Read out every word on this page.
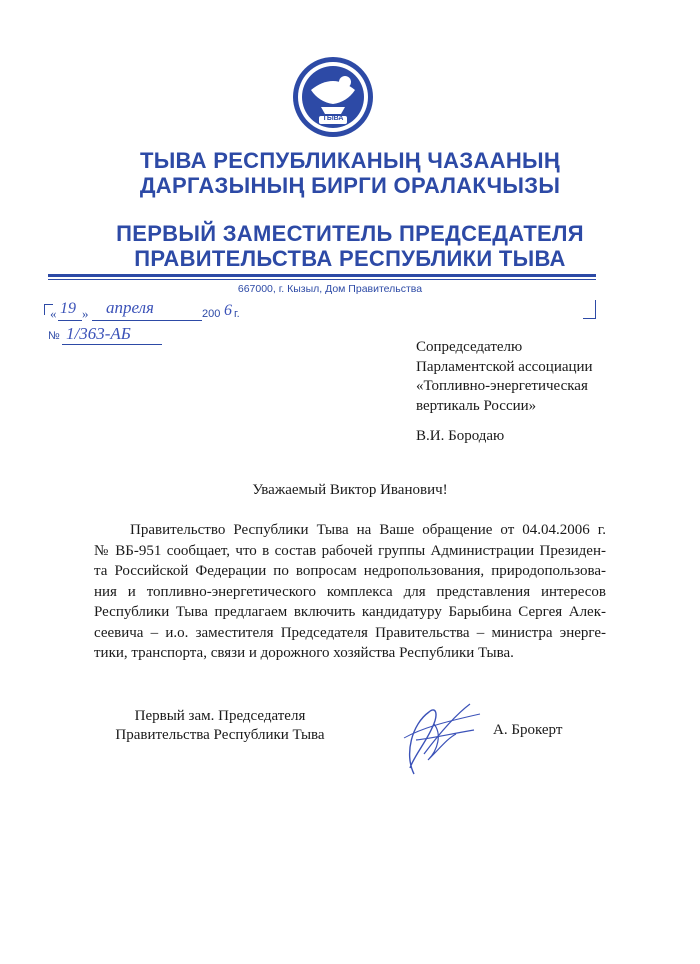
ТЫВА
ТЫВА РЕСПУБЛИКАНЫҢ ЧАЗААНЫҢ
ДАРГАЗЫНЫҢ БИРГИ ОРАЛАКЧЫЗЫ
ПЕРВЫЙ ЗАМЕСТИТЕЛЬ ПРЕДСЕДАТЕЛЯ
ПРАВИТЕЛЬСТВА РЕСПУБЛИКИ ТЫВА
667000, г. Кызыл, Дом Правительства
« 19 » апреля	200 6 г.
№ 1/363-АБ
Сопредседателю
Парламентской ассоциации
«Топливно-энергетическая
вертикаль России»
В.И. Бородаю
Уважаемый Виктор Иванович!
Правительство Республики Тыва на Ваше обращение от 04.04.2006 г.
№ ВБ-951 сообщает, что в состав рабочей группы Администрации Президен-
та Российской Федерации по вопросам недропользования, природопользова-
ния и топливно-энергетического комплекса для представления интересов
Республики Тыва предлагаем включить кандидатуру Барыбина Сергея Алек-
сеевича – и.о. заместителя Председателя Правительства – министра энерге-
тики, транспорта, связи и дорожного хозяйства Республики Тыва.
Первый зам. Председателя
Правительства Республики Тыва	А. Брокерт
